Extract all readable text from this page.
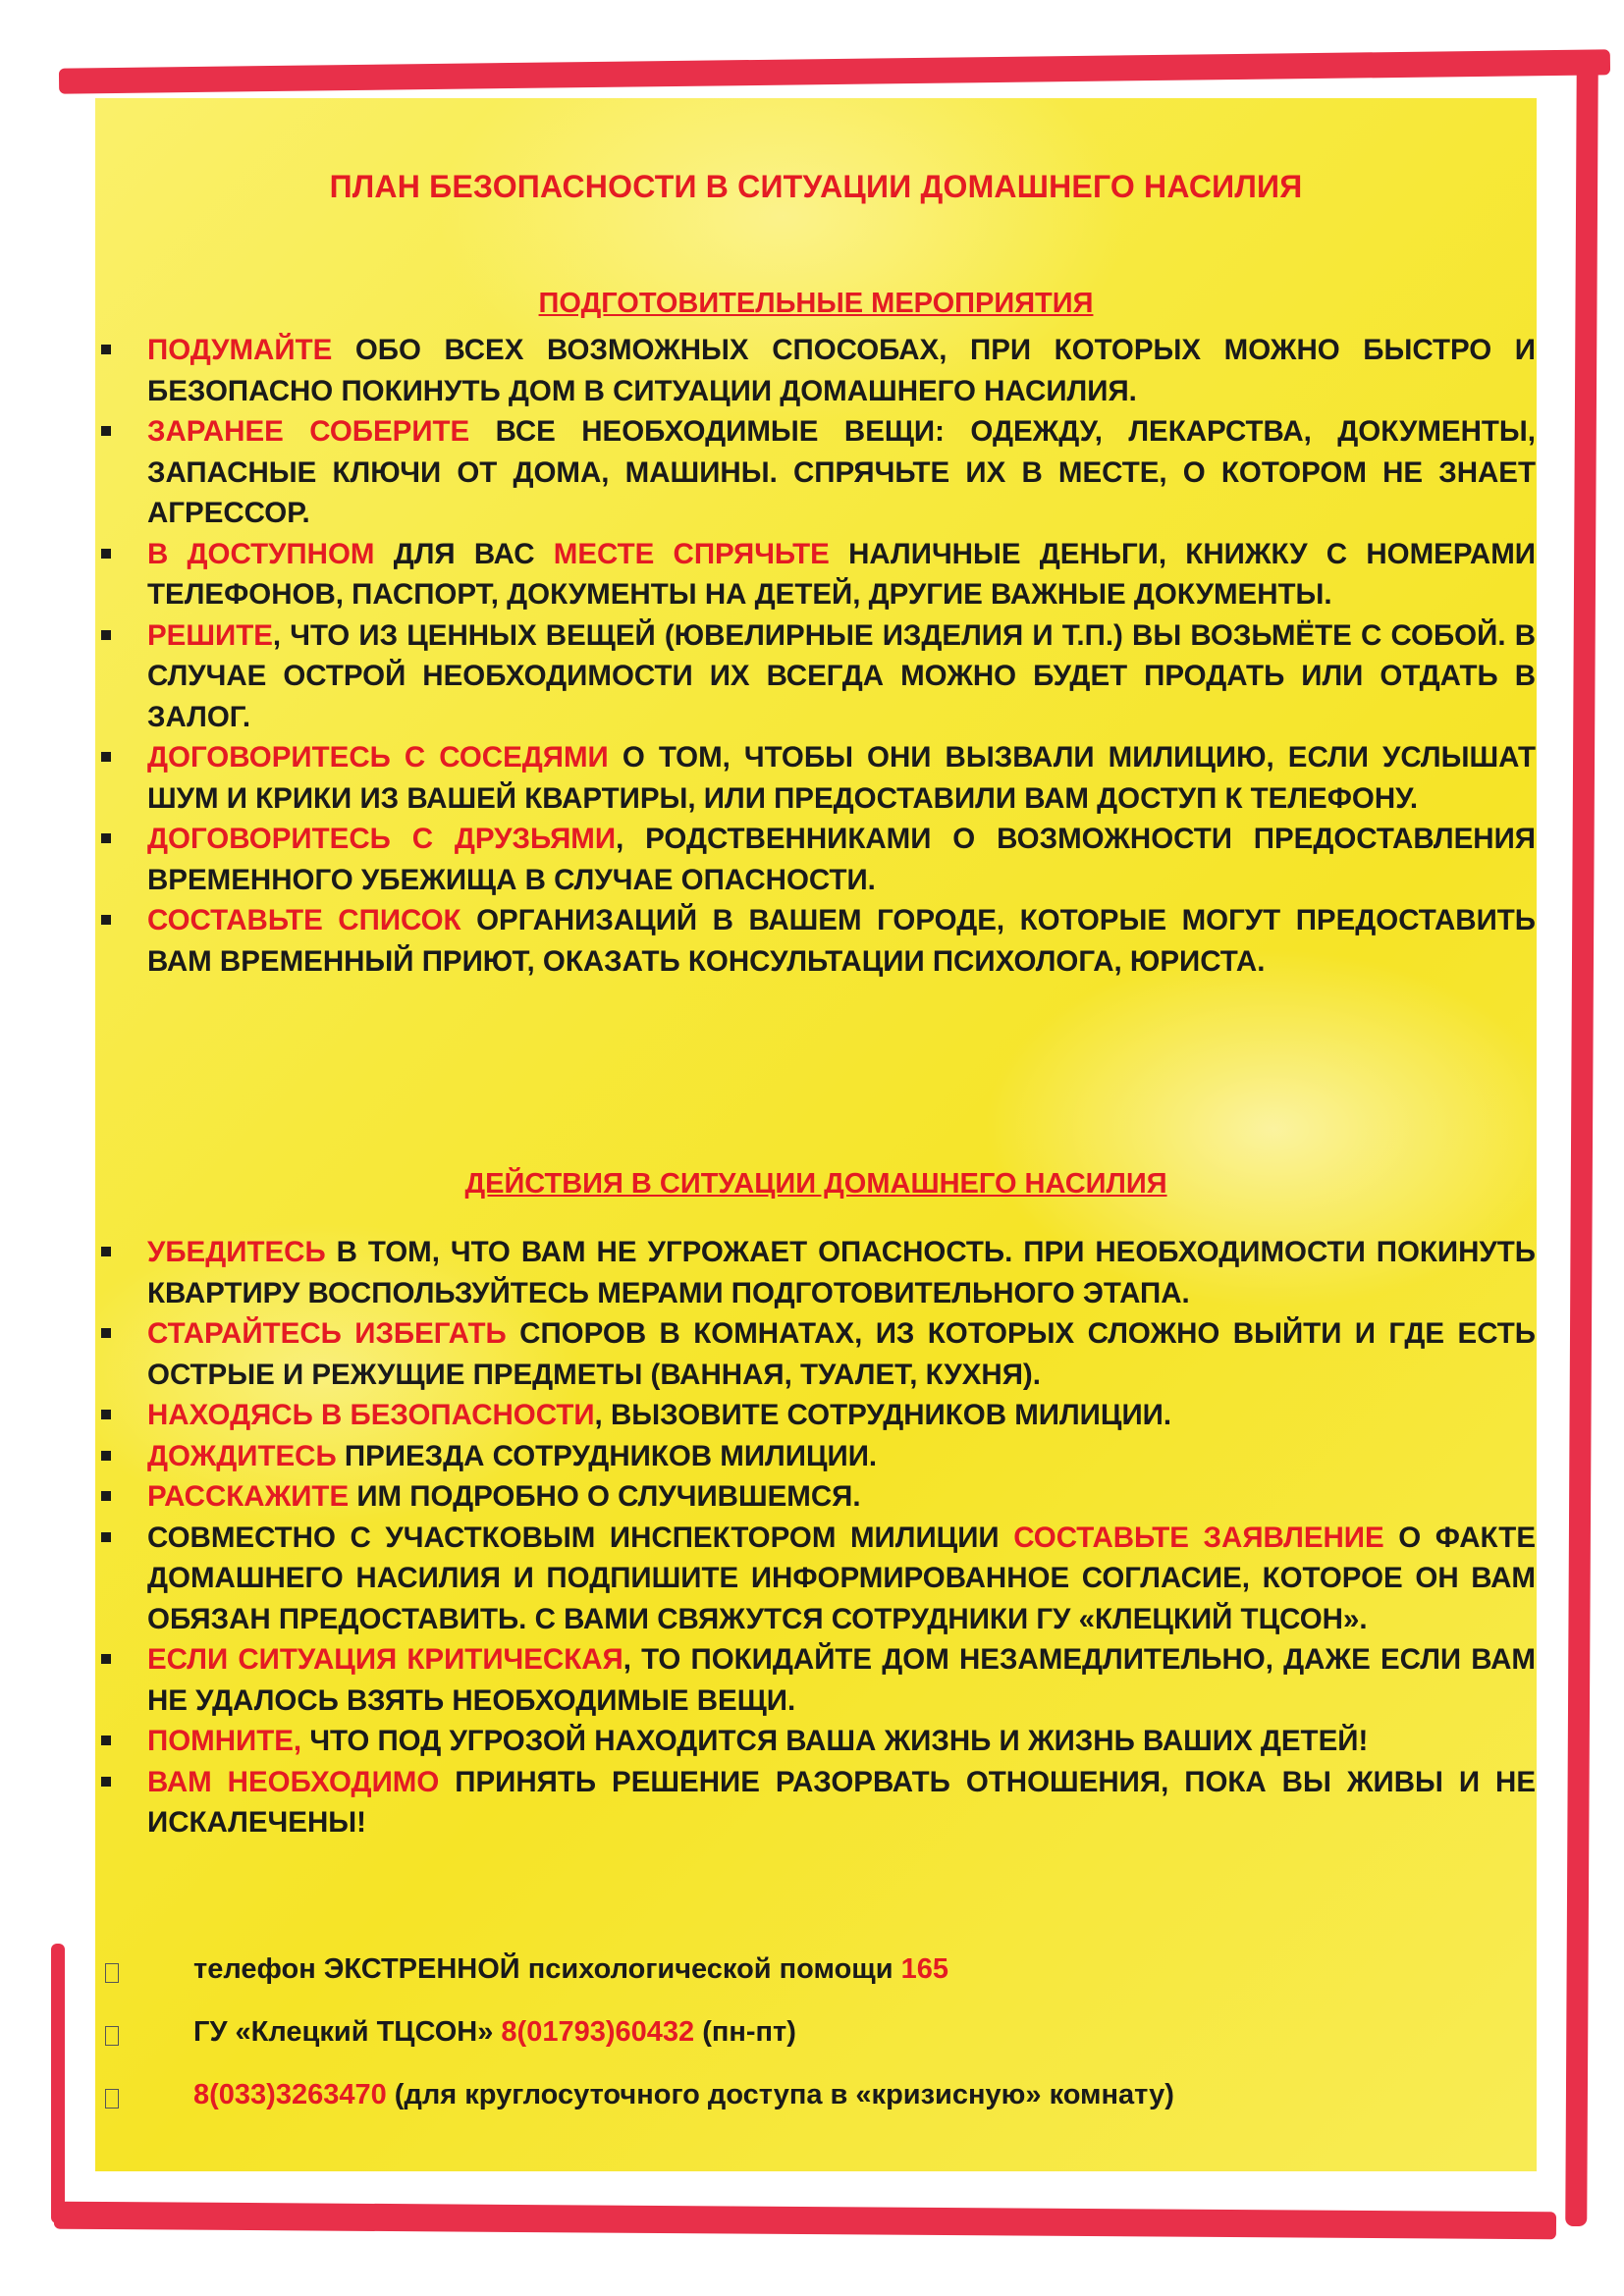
ПЛАН БЕЗОПАСНОСТИ В СИТУАЦИИ ДОМАШНЕГО НАСИЛИЯ
ПОДГОТОВИТЕЛЬНЫЕ МЕРОПРИЯТИЯ
ПОДУМАЙТЕ ОБО ВСЕХ ВОЗМОЖНЫХ СПОСОБАХ, ПРИ КОТОРЫХ МОЖНО БЫСТРО И БЕЗОПАСНО ПОКИНУТЬ ДОМ В СИТУАЦИИ ДОМАШНЕГО НАСИЛИЯ.
ЗАРАНЕЕ СОБЕРИТЕ ВСЕ НЕОБХОДИМЫЕ ВЕЩИ: ОДЕЖДУ, ЛЕКАРСТВА, ДОКУМЕНТЫ, ЗАПАСНЫЕ КЛЮЧИ ОТ ДОМА, МАШИНЫ. СПРЯЧЬТЕ ИХ В МЕСТЕ, О КОТОРОМ НЕ ЗНАЕТ АГРЕССОР.
В ДОСТУПНОМ ДЛЯ ВАС МЕСТЕ СПРЯЧЬТЕ НАЛИЧНЫЕ ДЕНЬГИ, КНИЖКУ С НОМЕРАМИ ТЕЛЕФОНОВ, ПАСПОРТ, ДОКУМЕНТЫ НА ДЕТЕЙ, ДРУГИЕ ВАЖНЫЕ ДОКУМЕНТЫ.
РЕШИТЕ, ЧТО ИЗ ЦЕННЫХ ВЕЩЕЙ (ЮВЕЛИРНЫЕ ИЗДЕЛИЯ И Т.П.) ВЫ ВОЗЬМЁТЕ С СОБОЙ. В СЛУЧАЕ ОСТРОЙ НЕОБХОДИМОСТИ ИХ ВСЕГДА МОЖНО БУДЕТ ПРОДАТЬ ИЛИ ОТДАТЬ В ЗАЛОГ.
ДОГОВОРИТЕСЬ С СОСЕДЯМИ О ТОМ, ЧТОБЫ ОНИ ВЫЗВАЛИ МИЛИЦИЮ, ЕСЛИ УСЛЫШАТ ШУМ И КРИКИ ИЗ ВАШЕЙ КВАРТИРЫ, ИЛИ ПРЕДОСТАВИЛИ ВАМ ДОСТУП К ТЕЛЕФОНУ.
ДОГОВОРИТЕСЬ С ДРУЗЬЯМИ, РОДСТВЕННИКАМИ О ВОЗМОЖНОСТИ ПРЕДОСТАВЛЕНИЯ ВРЕМЕННОГО УБЕЖИЩА В СЛУЧАЕ ОПАСНОСТИ.
СОСТАВЬТЕ СПИСОК ОРГАНИЗАЦИЙ В ВАШЕМ ГОРОДЕ, КОТОРЫЕ МОГУТ ПРЕДОСТАВИТЬ ВАМ ВРЕМЕННЫЙ ПРИЮТ, ОКАЗАТЬ КОНСУЛЬТАЦИИ ПСИХОЛОГА, ЮРИСТА.
ДЕЙСТВИЯ В СИТУАЦИИ ДОМАШНЕГО НАСИЛИЯ
УБЕДИТЕСЬ В ТОМ, ЧТО ВАМ НЕ УГРОЖАЕТ ОПАСНОСТЬ. ПРИ НЕОБХОДИМОСТИ ПОКИНУТЬ КВАРТИРУ ВОСПОЛЬЗУЙТЕСЬ МЕРАМИ ПОДГОТОВИТЕЛЬНОГО ЭТАПА.
СТАРАЙТЕСЬ ИЗБЕГАТЬ СПОРОВ В КОМНАТАХ, ИЗ КОТОРЫХ СЛОЖНО ВЫЙТИ И ГДЕ ЕСТЬ ОСТРЫЕ И РЕЖУЩИЕ ПРЕДМЕТЫ (ВАННАЯ, ТУАЛЕТ, КУХНЯ).
НАХОДЯСЬ В БЕЗОПАСНОСТИ, ВЫЗОВИТЕ СОТРУДНИКОВ МИЛИЦИИ.
ДОЖДИТЕСЬ ПРИЕЗДА СОТРУДНИКОВ МИЛИЦИИ.
РАССКАЖИТЕ ИМ ПОДРОБНО О СЛУЧИВШЕМСЯ.
СОВМЕСТНО С УЧАСТКОВЫМ ИНСПЕКТОРОМ МИЛИЦИИ СОСТАВЬТЕ ЗАЯВЛЕНИЕ О ФАКТЕ ДОМАШНЕГО НАСИЛИЯ И ПОДПИШИТЕ ИНФОРМИРОВАННОЕ СОГЛАСИЕ, КОТОРОЕ ОН ВАМ ОБЯЗАН ПРЕДОСТАВИТЬ. С ВАМИ СВЯЖУТСЯ СОТРУДНИКИ ГУ «КЛЕЦКИЙ ТЦСОН».
ЕСЛИ СИТУАЦИЯ КРИТИЧЕСКАЯ, ТО ПОКИДАЙТЕ ДОМ НЕЗАМЕДЛИТЕЛЬНО, ДАЖЕ ЕСЛИ ВАМ НЕ УДАЛОСЬ ВЗЯТЬ НЕОБХОДИМЫЕ ВЕЩИ.
ПОМНИТЕ, ЧТО ПОД УГРОЗОЙ НАХОДИТСЯ ВАША ЖИЗНЬ И ЖИЗНЬ ВАШИХ ДЕТЕЙ!
ВАМ НЕОБХОДИМО ПРИНЯТЬ РЕШЕНИЕ РАЗОРВАТЬ ОТНОШЕНИЯ, ПОКА ВЫ ЖИВЫ И НЕ ИСКАЛЕЧЕНЫ!
телефон ЭКСТРЕННОЙ психологической помощи 165
ГУ «Клецкий ТЦСОН» 8(01793)60432 (пн-пт)
8(033)3263470 (для круглосуточного доступа в «кризисную» комнату)
